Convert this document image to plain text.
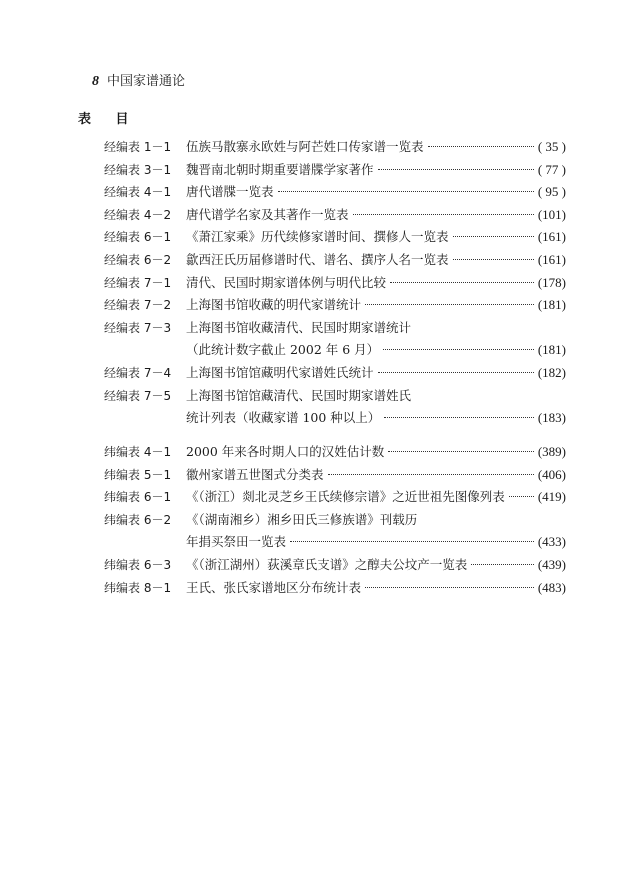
8 中国家谱通论
表 目
经编表 1－1	伍族马散寨永欧姓与阿芒姓口传家谱一览表	( 35 )
经编表 3－1	魏晋南北朝时期重要谱牒学家著作	( 77 )
经编表 4－1	唐代谱牒一览表	( 95 )
经编表 4－2	唐代谱学名家及其著作一览表	(101)
经编表 6－1	《萧江家乘》历代续修家谱时间、撰修人一览表	(161)
经编表 6－2	歙西汪氏历届修谱时代、谱名、撰序人名一览表	(161)
经编表 7－1	清代、民国时期家谱体例与明代比较	(178)
经编表 7－2	上海图书馆收藏的明代家谱统计	(181)
经编表 7－3	上海图书馆收藏清代、民国时期家谱统计
（此统计数字截止 2002 年 6 月）	(181)
经编表 7－4	上海图书馆馆藏明代家谱姓氏统计	(182)
经编表 7－5	上海图书馆馆藏清代、民国时期家谱姓氏
统计列表（收藏家谱 100 种以上）	(183)
纬编表 4－1	2000 年来各时期人口的汉姓估计数	(389)
纬编表 5－1	徽州家谱五世图式分类表	(406)
纬编表 6－1	《（浙江）剡北灵芝乡王氏续修宗谱》之近世祖先图像列表	(419)
纬编表 6－2	《（湖南湘乡）湘乡田氏三修族谱》刊载历
年捐买祭田一览表	(433)
纬编表 6－3	《（浙江湖州）荻溪章氏支谱》之醇夫公坟产一览表	(439)
纬编表 8－1	王氏、张氏家谱地区分布统计表	(483)
